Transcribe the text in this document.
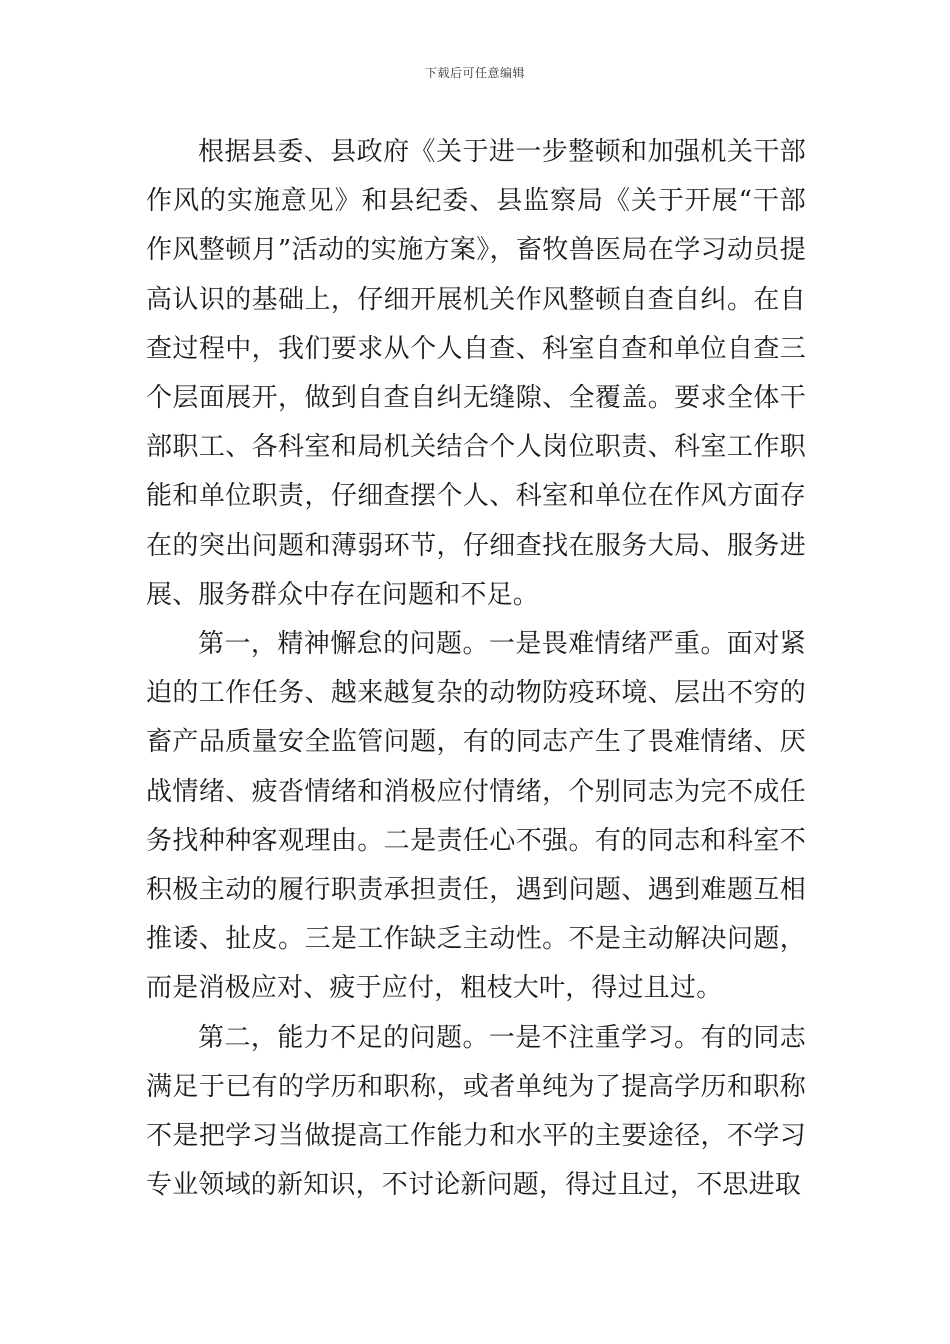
下载后可任意编辑

根据县委、县政府《关于进一步整顿和加强机关干部作风的实施意见》和县纪委、县监察局《关于开展“干部作风整顿月”活动的实施方案》，畜牧兽医局在学习动员提高认识的基础上，仔细开展机关作风整顿自查自纠。在自查过程中，我们要求从个人自查、科室自查和单位自查三个层面展开，做到自查自纠无缝隙、全覆盖。要求全体干部职工、各科室和局机关结合个人岗位职责、科室工作职能和单位职责，仔细查摆个人、科室和单位在作风方面存在的突出问题和薄弱环节，仔细查找在服务大局、服务进展、服务群众中存在问题和不足。

第一，精神懈怠的问题。一是畏难情绪严重。面对紧迫的工作任务、越来越复杂的动物防疫环境、层出不穷的畜产品质量安全监管问题，有的同志产生了畏难情绪、厌战情绪、疲沓情绪和消极应付情绪，个别同志为完不成任务找种种客观理由。二是责任心不强。有的同志和科室不积极主动的履行职责承担责任，遇到问题、遇到难题互相推诿、扯皮。三是工作缺乏主动性。不是主动解决问题，而是消极应对、疲于应付，粗枝大叶，得过且过。

第二，能力不足的问题。一是不注重学习。有的同志满足于已有的学历和职称，或者单纯为了提高学历和职称不是把学习当做提高工作能力和水平的主要途径，不学习专业领域的新知识，不讨论新问题，得过且过，不思进取
